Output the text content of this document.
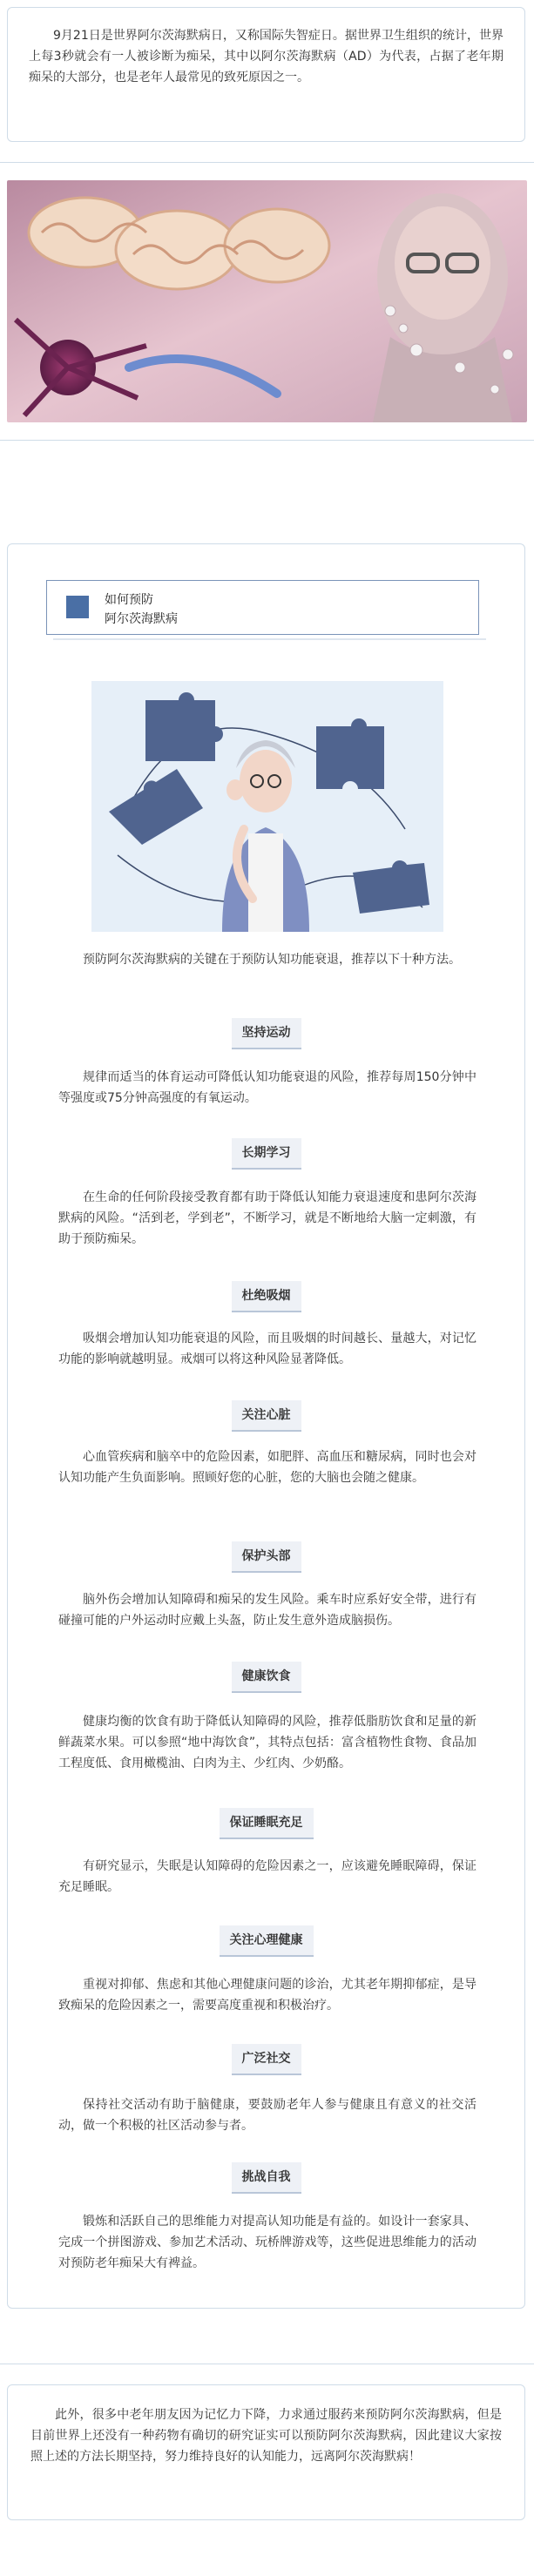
9月21日是世界阿尔茨海默病日，又称国际失智症日。据世界卫生组织的统计，世界上每3秒就会有一人被诊断为痴呆，其中以阿尔茨海默病（AD）为代表，占据了老年期痴呆的大部分，也是老年人最常见的致死原因之一。

如何预防
阿尔茨海默病

预防阿尔茨海默病的关键在于预防认知功能衰退，推荐以下十种方法。

坚持运动

规律而适当的体育运动可降低认知功能衰退的风险，推荐每周150分钟中等强度或75分钟高强度的有氧运动。

长期学习

在生命的任何阶段接受教育都有助于降低认知能力衰退速度和患阿尔茨海默病的风险。“活到老，学到老”，不断学习，就是不断地给大脑一定刺激，有助于预防痴呆。

杜绝吸烟

吸烟会增加认知功能衰退的风险，而且吸烟的时间越长、量越大，对记忆功能的影响就越明显。戒烟可以将这种风险显著降低。

关注心脏

心血管疾病和脑卒中的危险因素，如肥胖、高血压和糖尿病，同时也会对认知功能产生负面影响。照顾好您的心脏，您的大脑也会随之健康。

保护头部

脑外伤会增加认知障碍和痴呆的发生风险。乘车时应系好安全带，进行有碰撞可能的户外运动时应戴上头盔，防止发生意外造成脑损伤。

健康饮食

健康均衡的饮食有助于降低认知障碍的风险，推荐低脂肪饮食和足量的新鲜蔬菜水果。可以参照“地中海饮食”，其特点包括：富含植物性食物、食品加工程度低、食用橄榄油、白肉为主、少红肉、少奶酪。

保证睡眠充足

有研究显示，失眠是认知障碍的危险因素之一，应该避免睡眠障碍，保证充足睡眠。

关注心理健康

重视对抑郁、焦虑和其他心理健康问题的诊治，尤其老年期抑郁症，是导致痴呆的危险因素之一，需要高度重视和积极治疗。

广泛社交

保持社交活动有助于脑健康，要鼓励老年人参与健康且有意义的社交活动，做一个积极的社区活动参与者。

挑战自我

锻炼和活跃自己的思维能力对提高认知功能是有益的。如设计一套家具、完成一个拼图游戏、参加艺术活动、玩桥牌游戏等，这些促进思维能力的活动对预防老年痴呆大有裨益。

此外，很多中老年朋友因为记忆力下降，力求通过服药来预防阿尔茨海默病，但是目前世界上还没有一种药物有确切的研究证实可以预防阿尔茨海默病，因此建议大家按照上述的方法长期坚持，努力维持良好的认知能力，远离阿尔茨海默病！
